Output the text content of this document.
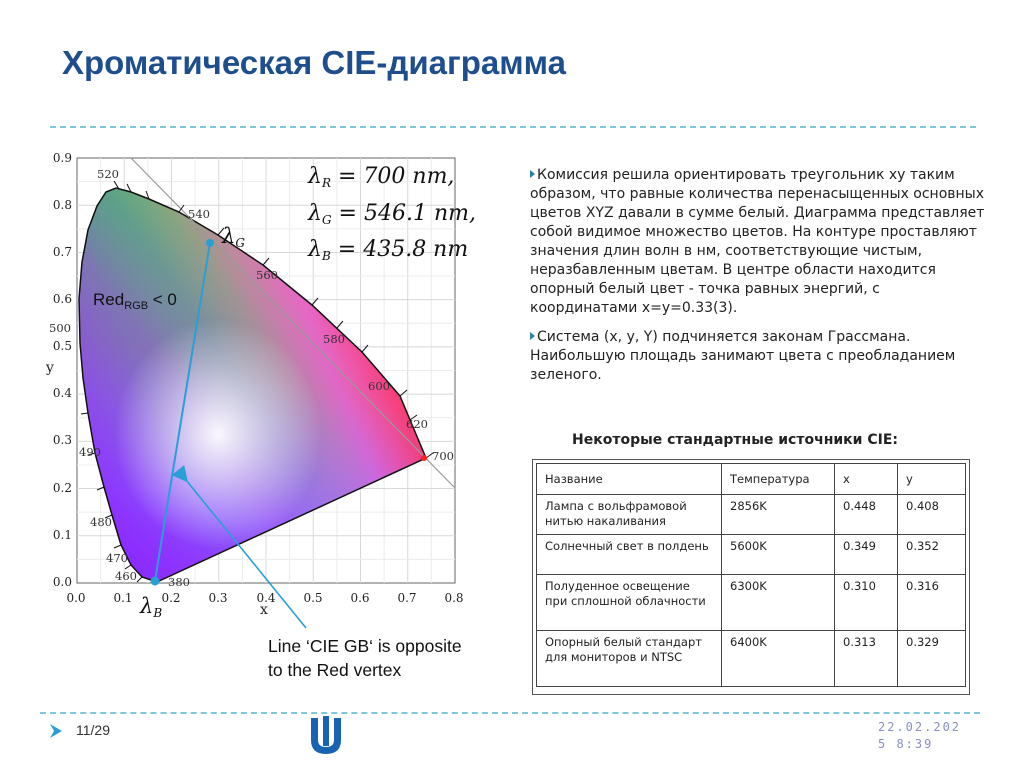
Хроматическая CIE-диаграмма
0.0 0.1 0.2 0.3 0.4 0.5 0.6 0.7 0.8
0.0
0.1
0.2
0.3
0.4
0.5
0.6
0.7
0.8
0.9
x
y
380
460
470
480
490
500
520
540
560
580
600
620
700
λG
λB
λR = 700 nm,
λG = 546.1 nm,
λB = 435.8 nm
Red$_{RGB}$ < 0
Line ‘CIE GB‘ is opposite
to the Red vertex

Комиссия решила ориентировать треугольник xy таким образом, что равные количества перенасыщенных основных цветов XYZ давали в сумме белый. Диаграмма представляет собой видимое множество цветов. На контуре проставляют значения длин волн в нм, соответствующие чистым, неразбавленным цветам. В центре области находится опорный белый цвет - точка равных энергий, с координатами x=y=0.33(3).

Система (x, y, Y) подчиняется законам Грассмана. Наибольшую площадь занимают цвета с преобладанием зеленого.

Некоторые стандартные источники CIE:
Название	Температура	x	y
Лампа с вольфрамовой нитью накаливания	2856K	0.448	0.408
Солнечный свет в полдень	5600K	0.349	0.352
Полуденное освещение при сплошной облачности	6300K	0.310	0.316
Опорный белый стандарт для мониторов и NTSC	6400K	0.313	0.329
11/29	22.02.202
5 8:39
